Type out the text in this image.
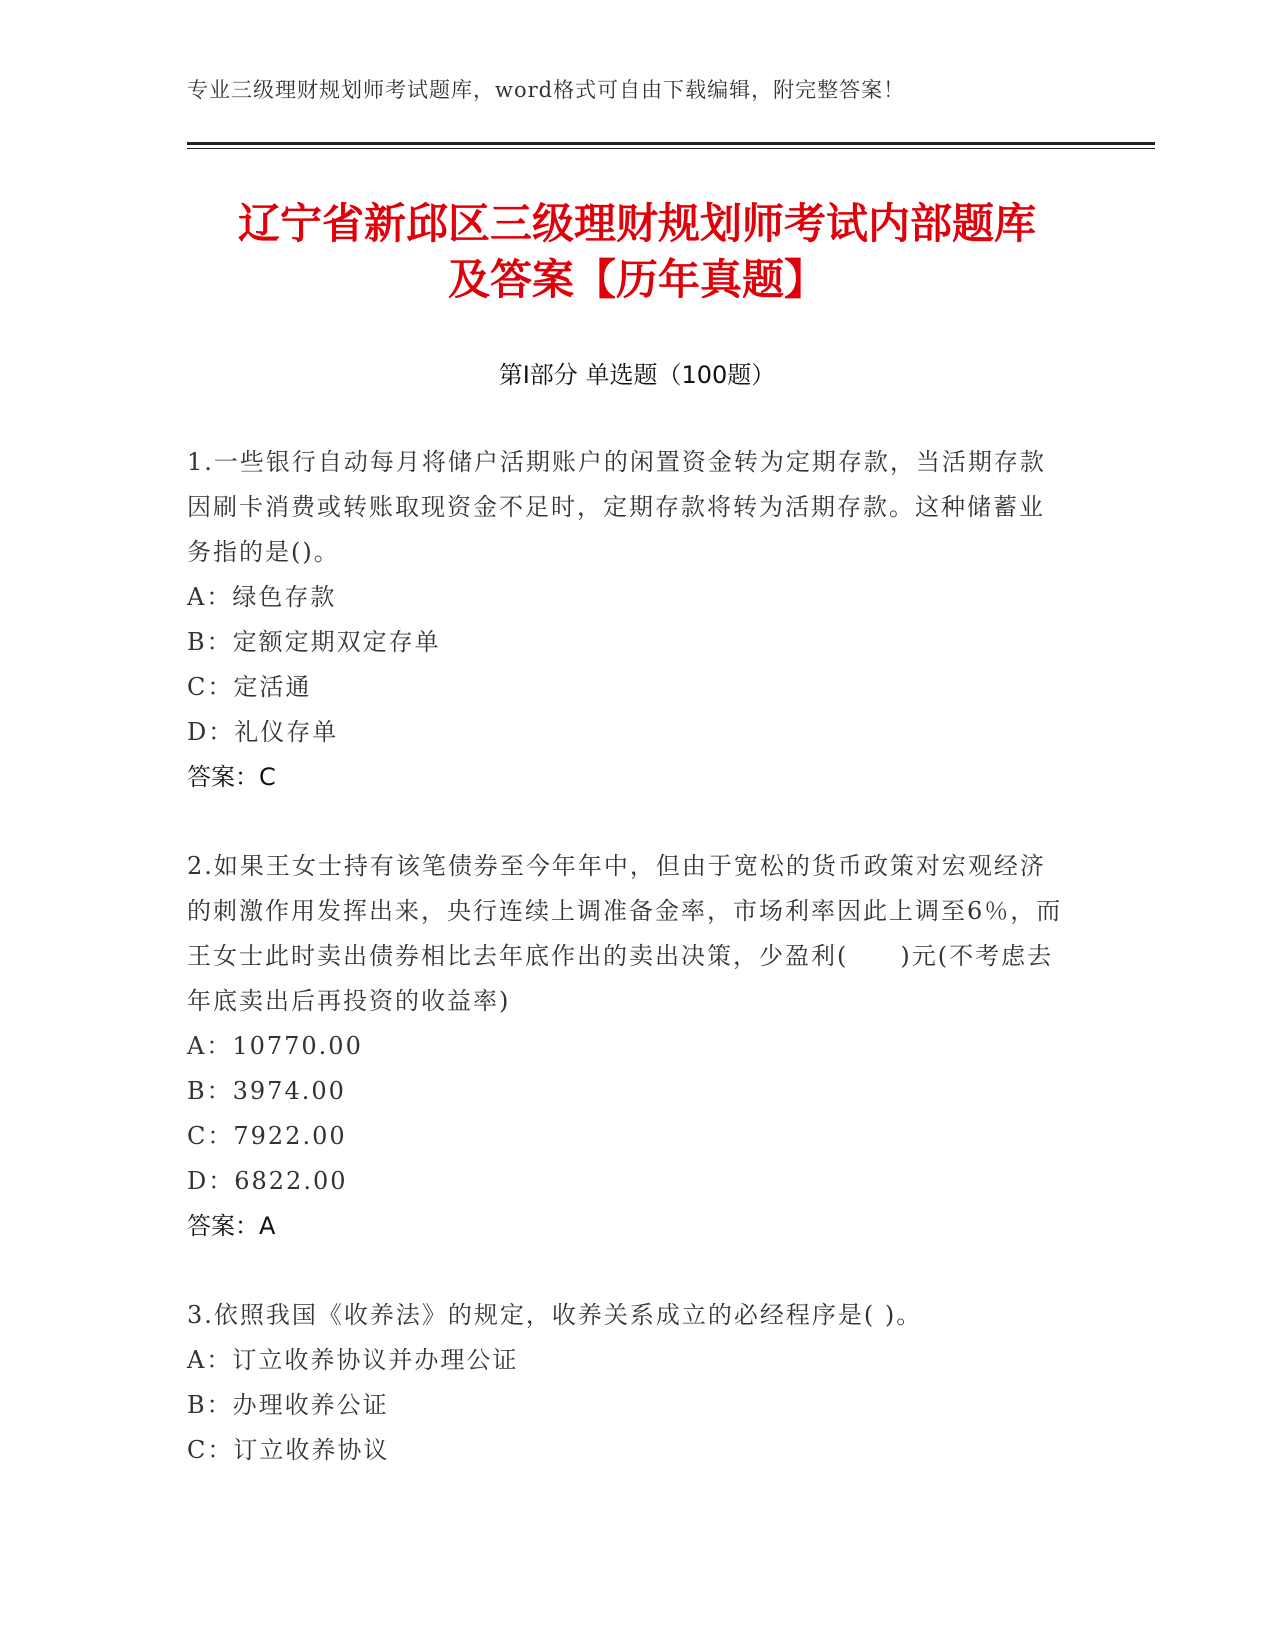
专业三级理财规划师考试题库，word格式可自由下载编辑，附完整答案！
辽宁省新邱区三级理财规划师考试内部题库
及答案【历年真题】
第I部分 单选题（100题）
1.一些银行自动每月将储户活期账户的闲置资金转为定期存款，当活期存款因刷卡消费或转账取现资金不足时，定期存款将转为活期存款。这种储蓄业务指的是()。
A：绿色存款
B：定额定期双定存单
C：定活通
D：礼仪存单
答案：C
2.如果王女士持有该笔债券至今年年中，但由于宽松的货币政策对宏观经济的刺激作用发挥出来，央行连续上调准备金率，市场利率因此上调至6％，而王女士此时卖出债券相比去年底作出的卖出决策，少盈利(　　)元(不考虑去年底卖出后再投资的收益率)
A：10770.00
B：3974.00
C：7922.00
D：6822.00
答案：A
3.依照我国《收养法》的规定，收养关系成立的必经程序是( )。
A：订立收养协议并办理公证
B：办理收养公证
C：订立收养协议
